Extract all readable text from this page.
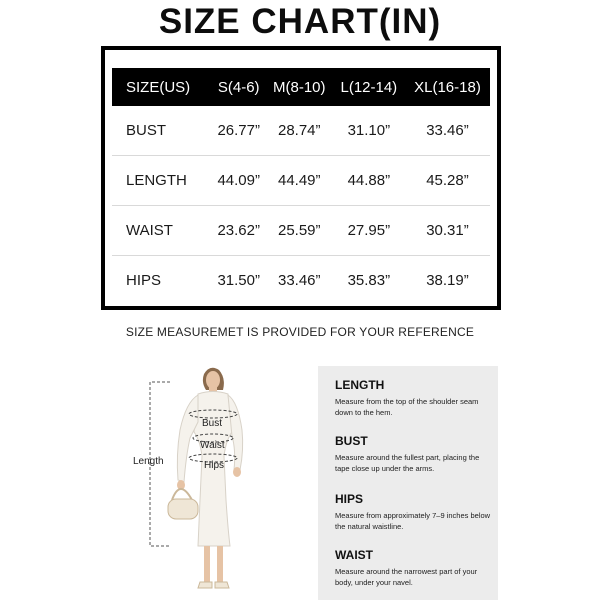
SIZE CHART(IN)
SIZE(US)	S(4-6)	M(8-10)	L(12-14)	XL(16-18)
BUST	26.77”	28.74”	31.10”	33.46”
LENGTH	44.09”	44.49”	44.88”	45.28”
WAIST	23.62”	25.59”	27.95”	30.31”
HIPS	31.50”	33.46”	35.83”	38.19”
SIZE MEASUREMET IS PROVIDED FOR YOUR REFERENCE
Length
Bust
Waist
Hips
LENGTH
Measure from the top of the shoulder seam down to the hem.
BUST
Measure around the fullest part, placing the tape close up under the arms.
HIPS
Measure from approximately 7–9 inches below the natural waistline.
WAIST
Measure around the narrowest part of your body, under your navel.
